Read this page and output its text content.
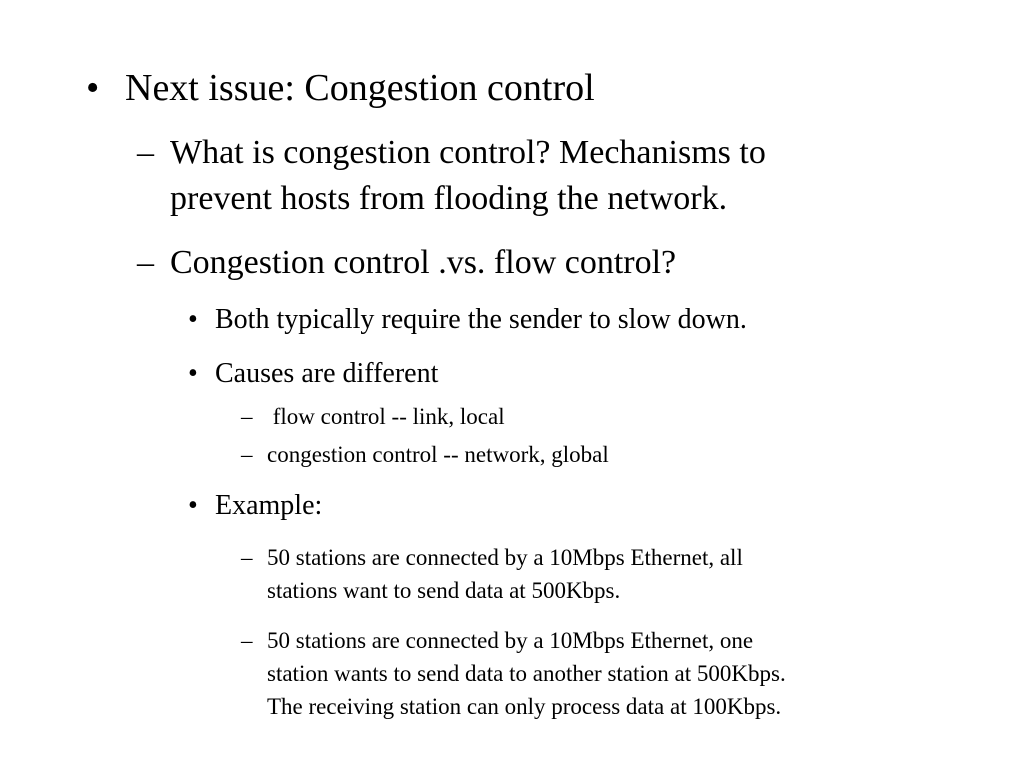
• Next issue: Congestion control

– What is congestion control? Mechanisms to

prevent hosts from flooding the network.

– Congestion control .vs. flow control?

• Both typically require the sender to slow down.

• Causes are different

– flow control -- link, local

– congestion control -- network, global

• Example:

– 50 stations are connected by a 10Mbps Ethernet, all

stations want to send data at 500Kbps.

– 50 stations are connected by a 10Mbps Ethernet, one

station wants to send data to another station at 500Kbps.

The receiving station can only process data at 100Kbps.
